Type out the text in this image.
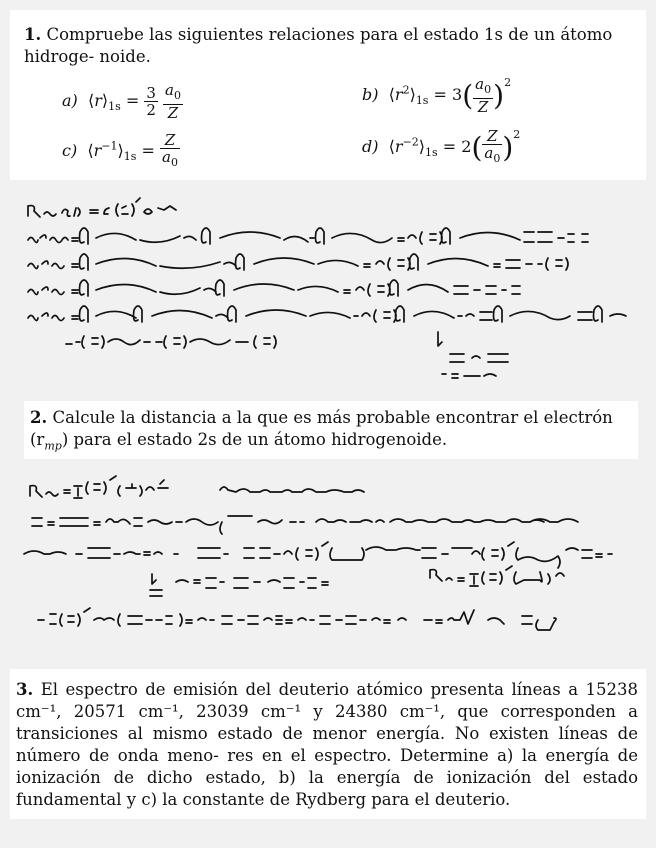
1. Compruebe las siguientes relaciones para el estado 1s de un átomo hidroge- noide.
a)  $⟨r⟩_{1s} = \frac{3}{2}$
$\frac{a_0}{Z}$	b)  $⟨r^2⟩_{1s} = 3( \frac{a_0}{Z} )^2$
c)  $⟨r^{-1}⟩_{1s} = \frac{Z}{a_0}$	d)  $⟨r^{-2}⟩_{1s} = 2( \frac{Z}{a_0} )^2$
2. Calcule la distancia a la que es más probable encontrar el electrón $(r_{mp})$ para el estado 2s de un átomo hidrogenoide.
3. El espectro de emisión del deuterio atómico presenta líneas a 15238 cm⁻¹, 20571 cm⁻¹, 23039 cm⁻¹ y 24380 cm⁻¹, que corresponden a transiciones al mismo estado de menor energía. No existen líneas de número de onda meno- res en el espectro. Determine a) la energía de ionización de dicho estado, b) la energía de ionización del estado fundamental y c) la constante de Rydberg para el deuterio.
